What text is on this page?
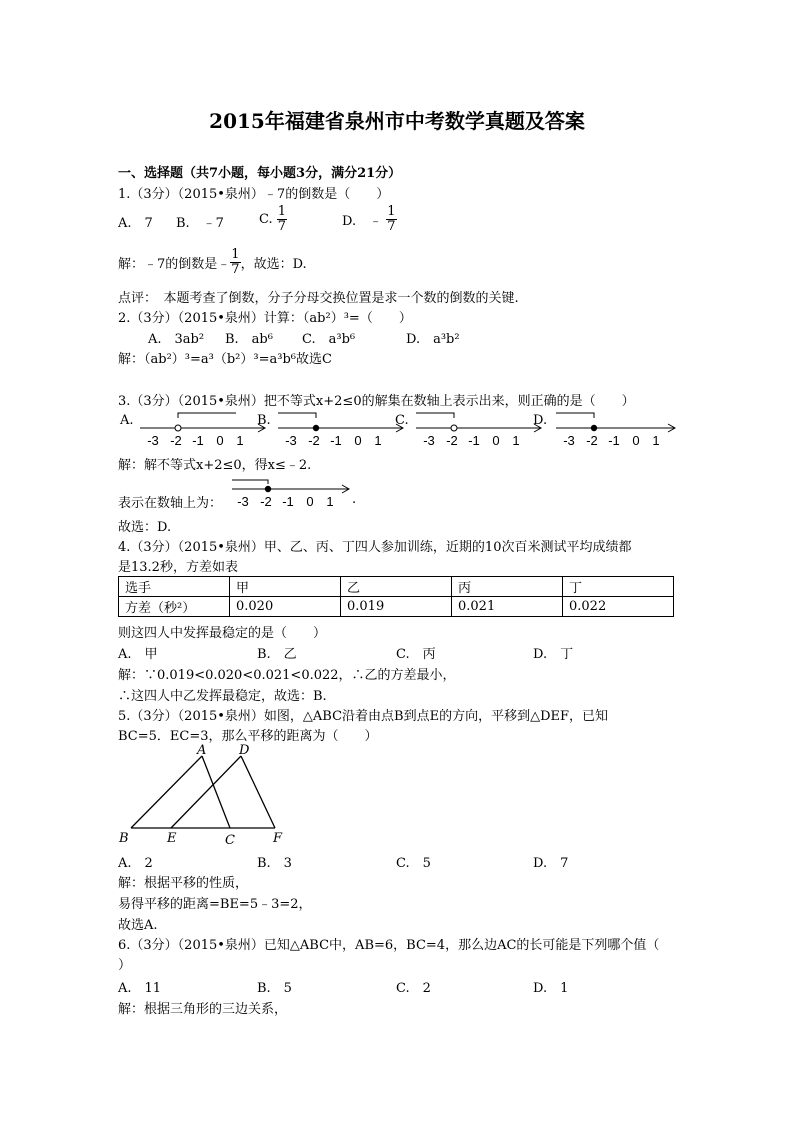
2015年福建省泉州市中考数学真题及答案
一、选择题（共7小题，每小题3分，满分21分）
1.（3分）（2015•泉州）﹣7的倒数是（　　）
A.　7 B.　﹣7	C. $\frac{1}{7}$	D.　﹣ $\frac{1}{7}$
解：﹣7的倒数是﹣ $\frac{1}{7}$ ，故选：D.
点评：　本题考查了倒数，分子分母交换位置是求一个数的倒数的关键.
2.（3分）（2015•泉州）计算：（ab²）³=（　　）
A.　3ab² B.　ab⁶ C.　a³b⁶	D.　a³b²
解：（ab²）³=a³（b²）³=a³b⁶故选C
3.（3分）（2015•泉州）把不等式x+2≤0的解集在数轴上表示出来，则正确的是（　　）
A.	B.	C.	D.
-3 -2 -1 0 1	-3 -2 -1 0 1	-3 -2 -1 0 1	-3 -2 -1 0 1
解：解不等式x+2≤0，得x≤﹣2.
表示在数轴上为： -3 -2 -1 0 1 .
故选：D.
4.（3分）（2015•泉州）甲、乙、丙、丁四人参加训练，近期的10次百米测试平均成绩都
是13.2秒，方差如表
选手	甲	乙	丙	丁
方差（秒²）	0.020	0.019	0.021	0.022
则这四人中发挥最稳定的是（　　）
A.　甲	B.　乙	C.　丙	D.　丁
解：∵0.019<0.020<0.021<0.022，∴乙的方差最小，
∴这四人中乙发挥最稳定，故选：B.
5.（3分）（2015•泉州）如图，△ABC沿着由点B到点E的方向，平移到△DEF，已知
BC=5．EC=3，那么平移的距离为（　　）
A	D
B	E	C	F
A.　2	B.　3	C.　5	D.　7
解：根据平移的性质，
易得平移的距离=BE=5﹣3=2，
故选A.
6.（3分）（2015•泉州）已知△ABC中，AB=6，BC=4，那么边AC的长可能是下列哪个值（
）
A.　11	B.　5	C.　2	D.　1
解：根据三角形的三边关系，
